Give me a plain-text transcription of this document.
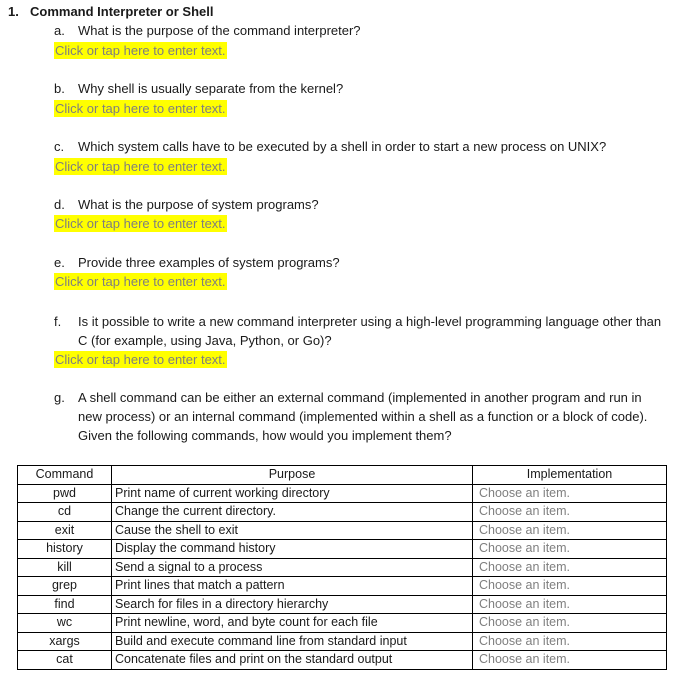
1. Command Interpreter or Shell
a.	What is the purpose of the command interpreter?
Click or tap here to enter text.
b.	Why shell is usually separate from the kernel?
Click or tap here to enter text.
c.	Which system calls have to be executed by a shell in order to start a new process on UNIX?
Click or tap here to enter text.
d.	What is the purpose of system programs?
Click or tap here to enter text.
e.	Provide three examples of system programs?
Click or tap here to enter text.
f.	Is it possible to write a new command interpreter using a high-level programming language other than C (for example, using Java, Python, or Go)?
Click or tap here to enter text.
g.	A shell command can be either an external command (implemented in another program and run in new process) or an internal command (implemented within a shell as a function or a block of code). Given the following commands, how would you implement them?
Command	Purpose	Implementation
pwd	Print name of current working directory	Choose an item.
cd	Change the current directory.	Choose an item.
exit	Cause the shell to exit	Choose an item.
history	Display the command history	Choose an item.
kill	Send a signal to a process	Choose an item.
grep	Print lines that match a pattern	Choose an item.
find	Search for files in a directory hierarchy	Choose an item.
wc	Print newline, word, and byte count for each file	Choose an item.
xargs	Build and execute command line from standard input	Choose an item.
cat	Concatenate files and print on the standard output	Choose an item.
